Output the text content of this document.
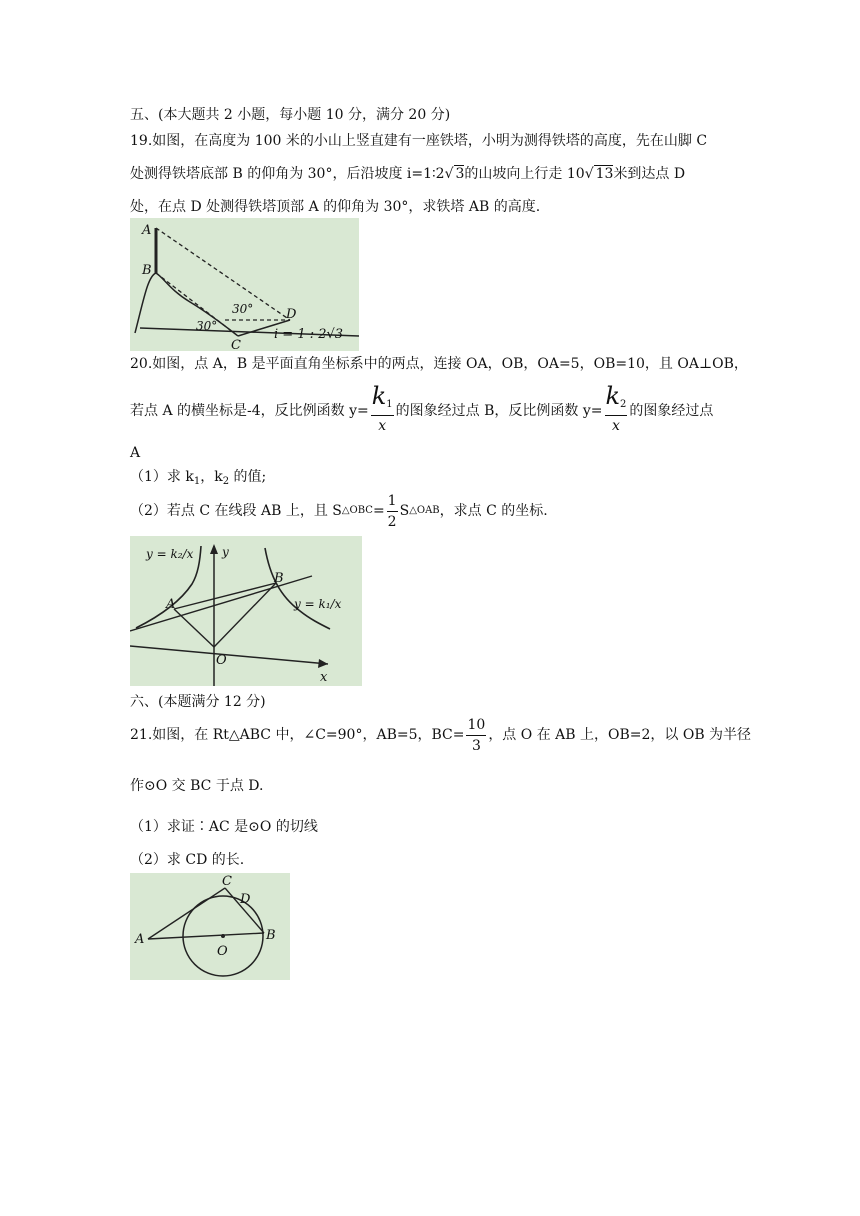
五、(本大题共 2 小题，每小题 10 分，满分 20 分)
19.如图，在高度为 100 米的小山上竖直建有一座铁塔，小明为测得铁塔的高度，先在山脚 C
处测得铁塔底部 B 的仰角为 30°，后沿坡度 i=1∶2√ 3的山坡向上行走 10√ 13米到达点 D
处，在点 D 处测得铁塔顶部 A 的仰角为 30°，求铁塔 AB 的高度.
A
B
C
D
30°
30°
i = 1 : 2√3
20.如图，点 A，B 是平面直角坐标系中的两点，连接 OA，OB，OA=5，OB=10，且 OA⊥OB，
若点 A 的横坐标是-4，反比例函数 $y= \frac{k_1}{x}$ 的图象经过点 B，反比例函数 $y= \frac{k_2}{x}$ 的图象经过点
A
（1）求 $k_1$，$k_2$ 的值;
（2）若点 C 在线段 AB 上，且 S △OBC = $\frac{1}{2}$ S △OAB ，求点 C 的坐标.
A
B
O
y
x
y = k₂/x
y = k₁/x
六、(本题满分 12 分)
21.如图，在 Rt△ABC 中，∠C=90°，AB=5，$BC= \frac{10}{3}$ ，点 O 在 AB 上，OB=2，以 OB 为半径
作⊙O 交 BC 于点 D.
（1）求证∶AC 是⊙O 的切线
（2）求 CD 的长.
A	B
C
D
O
